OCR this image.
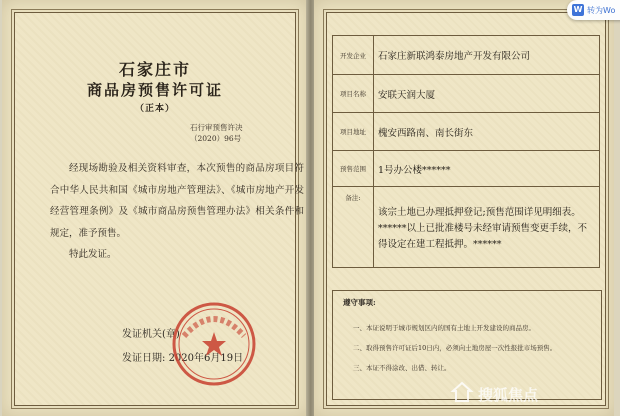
石家庄市
商品房预售许可证
（正本）
石行审预售许决
（2020）96号

经现场勘验及相关资料审查，本次预售的商品房项目符合中华人民共和国《城市房地产管理法》、《城市房地产开发经营管理条例》及《城市商品房预售管理办法》相关条件和规定，准予预售。

特此发证。

发证机关(章)
发证日期: 2020年6月19日
开发企业	石家庄新联鸿泰房地产开发有限公司
项目名称	安联天润大厦
项目地址	槐安西路南、南长街东
预售范围	1号办公楼******
备注:	该宗土地已办理抵押登记;预售范围详见明细表。******以上已批准楼号未经审请预售变更手续，不得设定在建工程抵押。******
遵守事项:
一、本证说明于城市规划区内的国有土地上开发建设的商品房。
二、取得预售许可证后10日内，必须向土地房屋一次性报批市场预售。
三、本证不得涂改、出借、转让。
搜狐焦点
W 转为Wo
